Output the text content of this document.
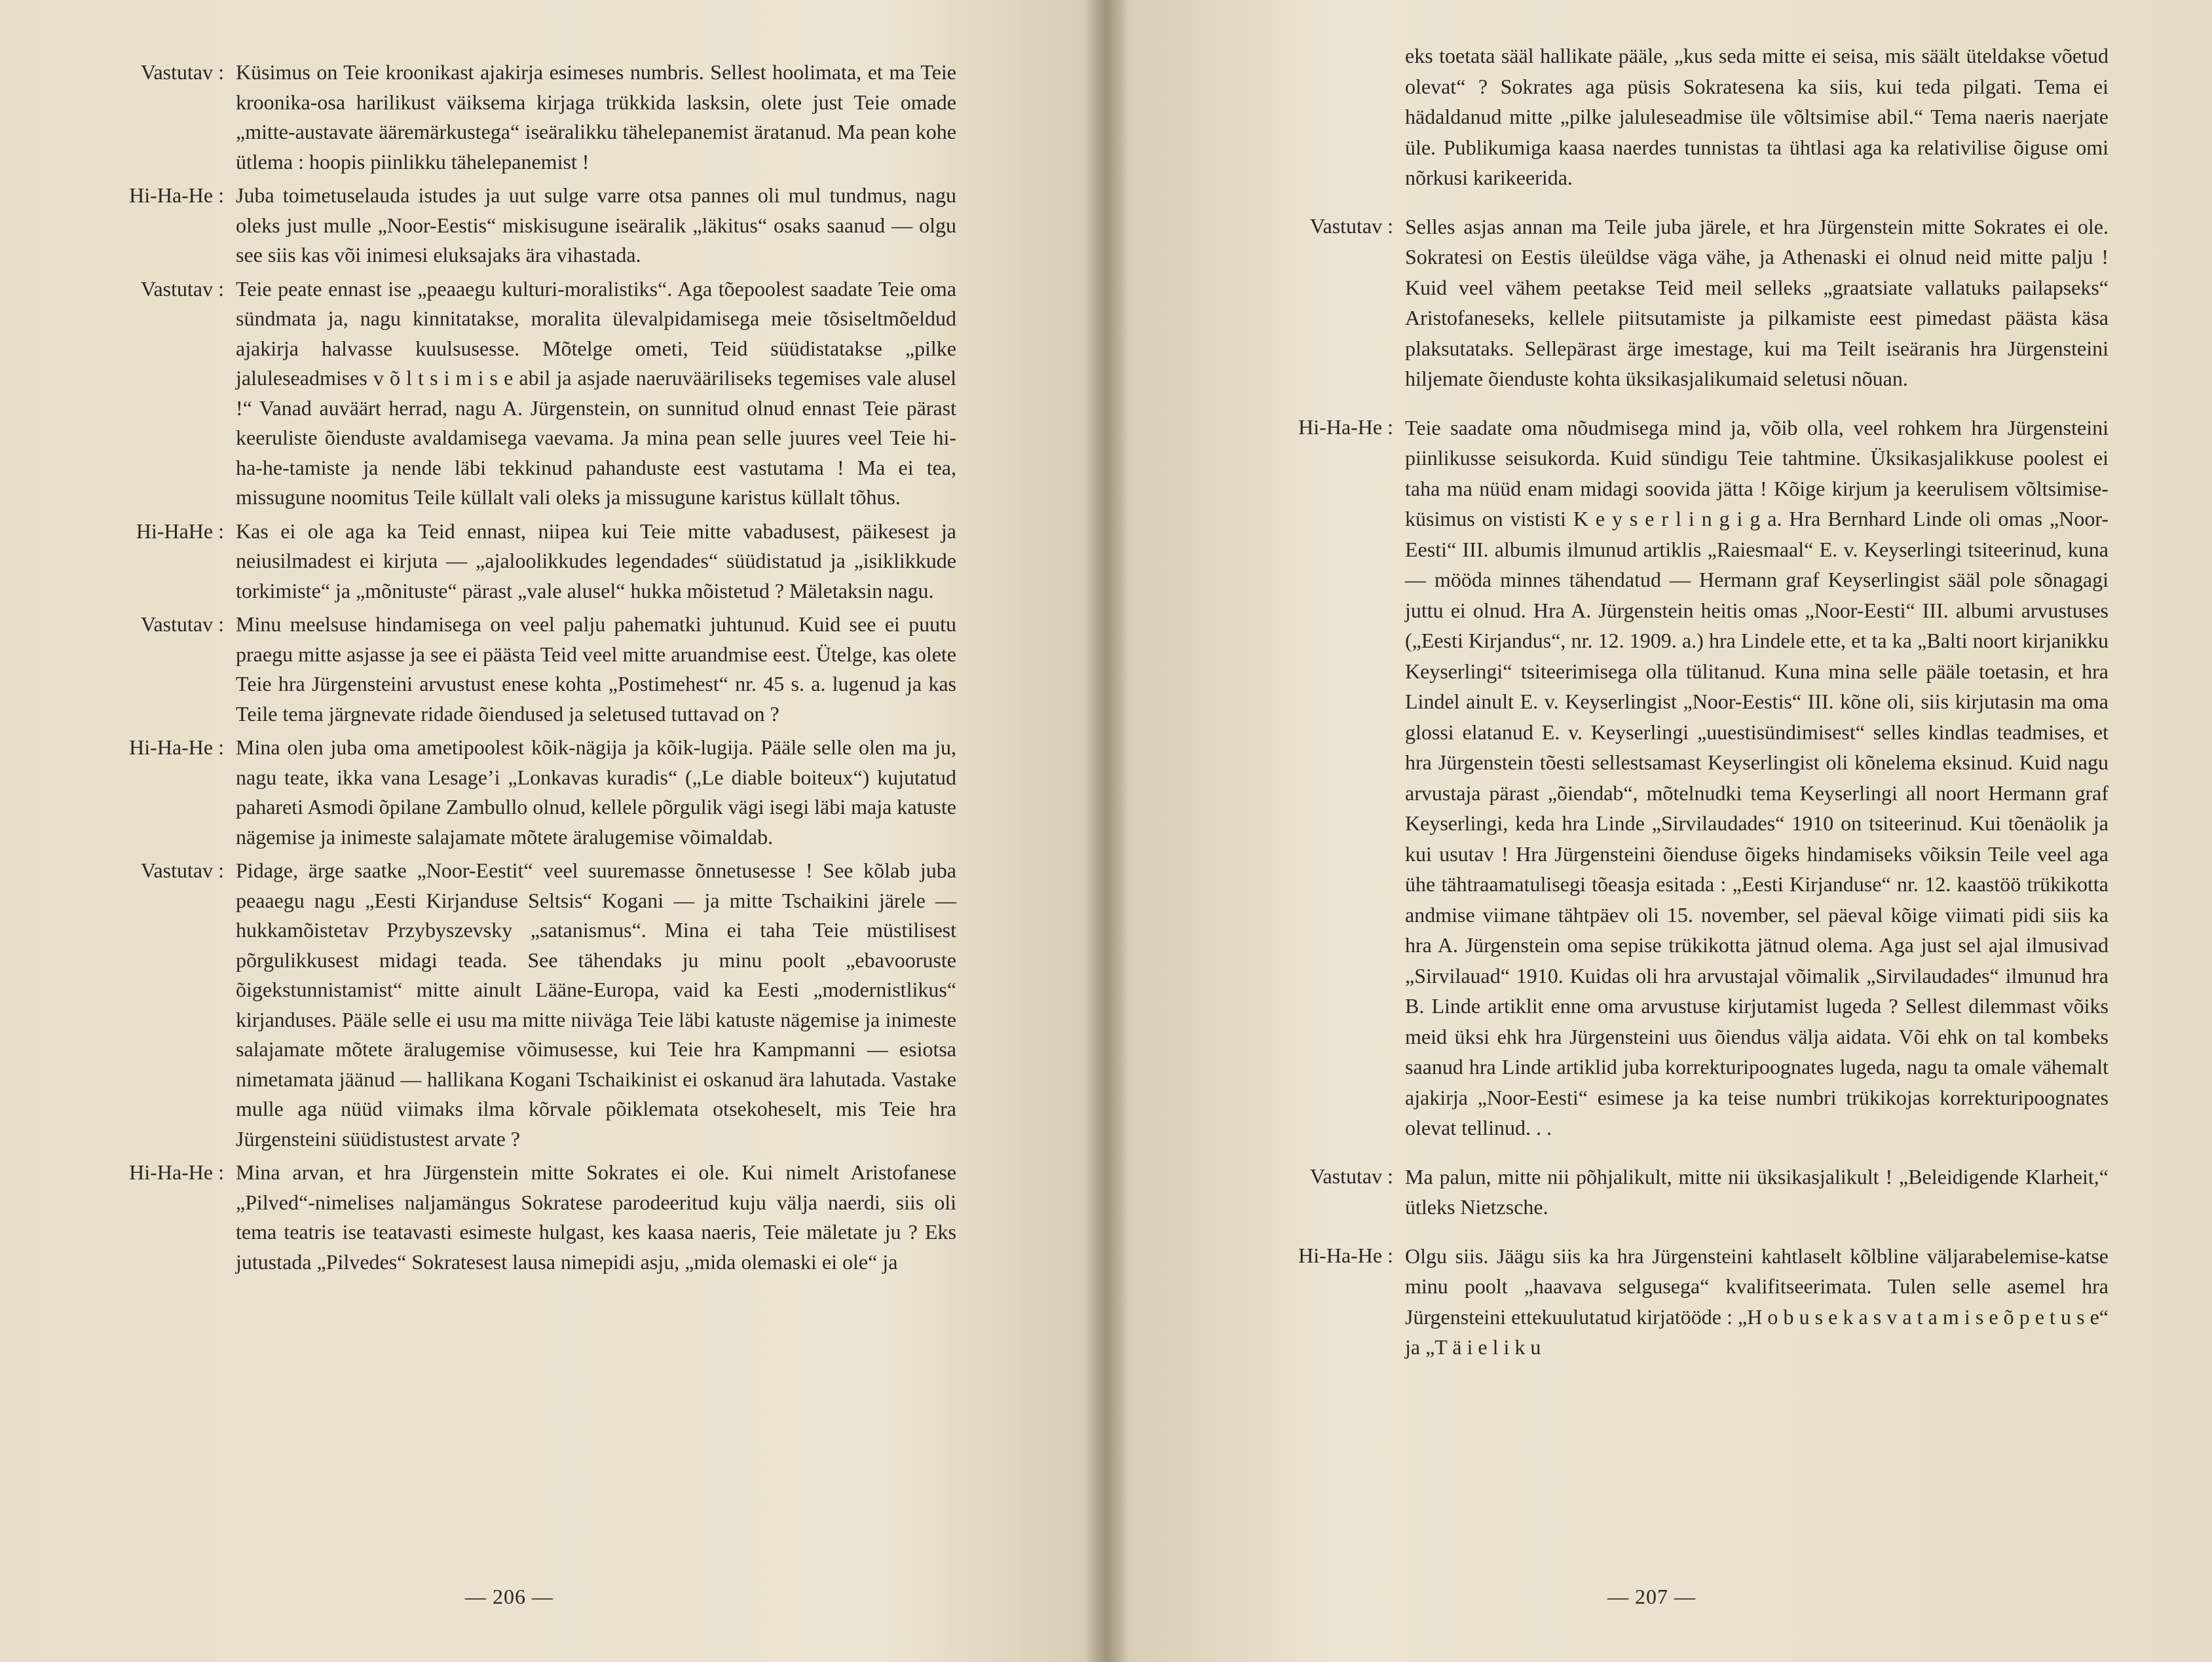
Vastutav : Küsimus on Teie kroonikast ajakirja esimeses numbris. Sellest hoolimata, et ma Teie kroonika-osa harilikust väiksema kirjaga trükkida lasksin, olete just Teie omade „mitte-austavate ääremärkustega“ iseäralikku tähelepanemist äratanud. Ma pean kohe ütlema : hoopis piinlikku tähelepanemist !
Hi-Ha-He : Juba toimetuselauda istudes ja uut sulge varre otsa pannes oli mul tundmus, nagu oleks just mulle „Noor-Eestis“ miskisugune iseäralik „läkitus“ osaks saanud — olgu see siis kas või inimesi eluksajaks ära vihastada.
Vastutav : Teie peate ennast ise „peaaegu kulturi-moralistiks“. Aga tõepoolest saadate Teie oma sündmata ja, nagu kinnitatakse, moralita ülevalpidamisega meie tõsiseltmõeldud ajakirja halvasse kuulsusesse. Mõtelge ometi, Teid süüdistatakse „pilke jaluleseadmises v õ l t s i m i s e abil ja asjade naeruvääriliseks tegemises vale alusel !“ Vanad auväärt herrad, nagu A. Jürgenstein, on sunnitud olnud ennast Teie pärast keeruliste õienduste avaldamisega vaevama. Ja mina pean selle juures veel Teie hi-ha-he-tamiste ja nende läbi tekkinud pahanduste eest vastutama ! Ma ei tea, missugune noomitus Teile küllalt vali oleks ja missugune karistus küllalt tõhus.
Hi-HaHe : Kas ei ole aga ka Teid ennast, niipea kui Teie mitte vabadusest, päikesest ja neiusilmadest ei kirjuta — „ajaloolikkudes legendades“ süüdistatud ja „isiklikkude torkimiste“ ja „mõnituste“ pärast „vale alusel“ hukka mõistetud ? Mäletaksin nagu.
Vastutav : Minu meelsuse hindamisega on veel palju pahematki juhtunud. Kuid see ei puutu praegu mitte asjasse ja see ei päästa Teid veel mitte aruandmise eest. Ütelge, kas olete Teie hra Jürgensteini arvustust enese kohta „Postimehest“ nr. 45 s. a. lugenud ja kas Teile tema järgnevate ridade õiendused ja seletused tuttavad on ?
Hi-Ha-He : Mina olen juba oma ametipoolest kõik-nägija ja kõik-lugija. Pääle selle olen ma ju, nagu teate, ikka vana Lesage’i „Lonkavas kuradis“ („Le diable boiteux“) kujutatud pahareti Asmodi õpilane Zambullo olnud, kellele põrgulik vägi isegi läbi maja katuste nägemise ja inimeste salajamate mõtete äralugemise võimaldab.
Vastutav : Pidage, ärge saatke „Noor-Eestit“ veel suuremasse õnnetusesse ! See kõlab juba peaaegu nagu „Eesti Kirjanduse Seltsis“ Kogani — ja mitte Tschaikini järele — hukkamõistetav Przybyszevsky „satanismus“. Mina ei taha Teie müstilisest põrgulikkusest midagi teada. See tähendaks ju minu poolt „ebavooruste õigekstunnistamist“ mitte ainult Lääne-Europa, vaid ka Eesti „modernistlikus“ kirjanduses. Pääle selle ei usu ma mitte niiväga Teie läbi katuste nägemise ja inimeste salajamate mõtete äralugemise võimusesse, kui Teie hra Kampmanni — esiotsa nimetamata jäänud — hallikana Kogani Tschaikinist ei oskanud ära lahutada. Vastake mulle aga nüüd viimaks ilma kõrvale põiklemata otsekoheselt, mis Teie hra Jürgensteini süüdistustest arvate ?
Hi-Ha-He : Mina arvan, et hra Jürgenstein mitte Sokrates ei ole. Kui nimelt Aristofanese „Pilved“-nimelises naljamängus Sokratese parodeeritud kuju välja naerdi, siis oli tema teatris ise teatavasti esimeste hulgast, kes kaasa naeris, Teie mäletate ju ? Eks jutustada „Pilvedes“ Sokratesest lausa nimepidi asju, „mida olemaski ei ole“ ja
— 206 —
eks toetata sääl hallikate pääle, „kus seda mitte ei seisa, mis säält üteldakse võetud olevat“ ? Sokrates aga püsis Sokratesena ka siis, kui teda pilgati. Tema ei hädaldanud mitte „pilke jaluleseadmise üle võltsimise abil.“ Tema naeris naerjate üle. Publikumiga kaasa naerdes tunnistas ta ühtlasi aga ka relativilise õiguse omi nõrkusi karikeerida.
Vastutav : Selles asjas annan ma Teile juba järele, et hra Jürgenstein mitte Sokrates ei ole. Sokratesi on Eestis üleüldse väga vähe, ja Athenaski ei olnud neid mitte palju ! Kuid veel vähem peetakse Teid meil selleks „graatsiate vallatuks pailapseks“ Aristofaneseks, kellele piitsutamiste ja pilkamiste eest pimedast päästa käsa plaksutataks. Sellepärast ärge imestage, kui ma Teilt iseäranis hra Jürgensteini hiljemate õienduste kohta üksikasjalikumaid seletusi nõuan.
Hi-Ha-He : Teie saadate oma nõudmisega mind ja, võib olla, veel rohkem hra Jürgensteini piinlikusse seisukorda. Kuid sündigu Teie tahtmine. Üksikasjalikkuse poolest ei taha ma nüüd enam midagi soovida jätta ! Kõige kirjum ja keerulisem võltsimise-küsimus on vististi K e y s e r l i n g i g a. Hra Bernhard Linde oli omas „Noor-Eesti“ III. albumis ilmunud artiklis „Raiesmaal“ E. v. Keyserlingi tsiteerinud, kuna — mööda minnes tähendatud — Hermann graf Keyserlingist sääl pole sõnagagi juttu ei olnud. Hra A. Jürgenstein heitis omas „Noor-Eesti“ III. albumi arvustuses („Eesti Kirjandus“, nr. 12. 1909. a.) hra Lindele ette, et ta ka „Balti noort kirjanikku Keyserlingi“ tsiteerimisega olla tülitanud. Kuna mina selle pääle toetasin, et hra Lindel ainult E. v. Keyserlingist „Noor-Eestis“ III. kõne oli, siis kirjutasin ma oma glossi elatanud E. v. Keyserlingi „uuestisündimisest“ selles kindlas teadmises, et hra Jürgenstein tõesti sellestsamast Keyserlingist oli kõnelema eksinud. Kuid nagu arvustaja pärast „õiendab“, mõtelnudki tema Keyserlingi all noort Hermann graf Keyserlingi, keda hra Linde „Sirvilaudades“ 1910 on tsiteerinud. Kui tõenäolik ja kui usutav ! Hra Jürgensteini õienduse õigeks hindamiseks võiksin Teile veel aga ühe tähtraamatulisegi tõeasja esitada : „Eesti Kirjanduse“ nr. 12. kaastöö trükikotta andmise viimane tähtpäev oli 15. november, sel päeval kõige viimati pidi siis ka hra A. Jürgenstein oma sepise trükikotta jätnud olema. Aga just sel ajal ilmusivad „Sirvilauad“ 1910. Kuidas oli hra arvustajal võimalik „Sirvilaudades“ ilmunud hra B. Linde artiklit enne oma arvustuse kirjutamist lugeda ? Sellest dilemmast võiks meid üksi ehk hra Jürgensteini uus õiendus välja aidata. Või ehk on tal kombeks saanud hra Linde artiklid juba korrekturipoognates lugeda, nagu ta omale vähemalt ajakirja „Noor-Eesti“ esimese ja ka teise numbri trükikojas korrekturipoognates olevat tellinud. . .
Vastutav : Ma palun, mitte nii põhjalikult, mitte nii üksikasjalikult ! „Beleidigende Klarheit,“ ütleks Nietzsche.
Hi-Ha-He : Olgu siis. Jäägu siis ka hra Jürgensteini kahtlaselt kõlbline väljarabelemise-katse minu poolt „haavava selgusega“ kvalifitseerimata. Tulen selle asemel hra Jürgensteini ettekuulutatud kirjatööde : „H o b u s e k a s v a t a m i s e õ p e t u s e“ ja „T ä i e l i k u
— 207 —
